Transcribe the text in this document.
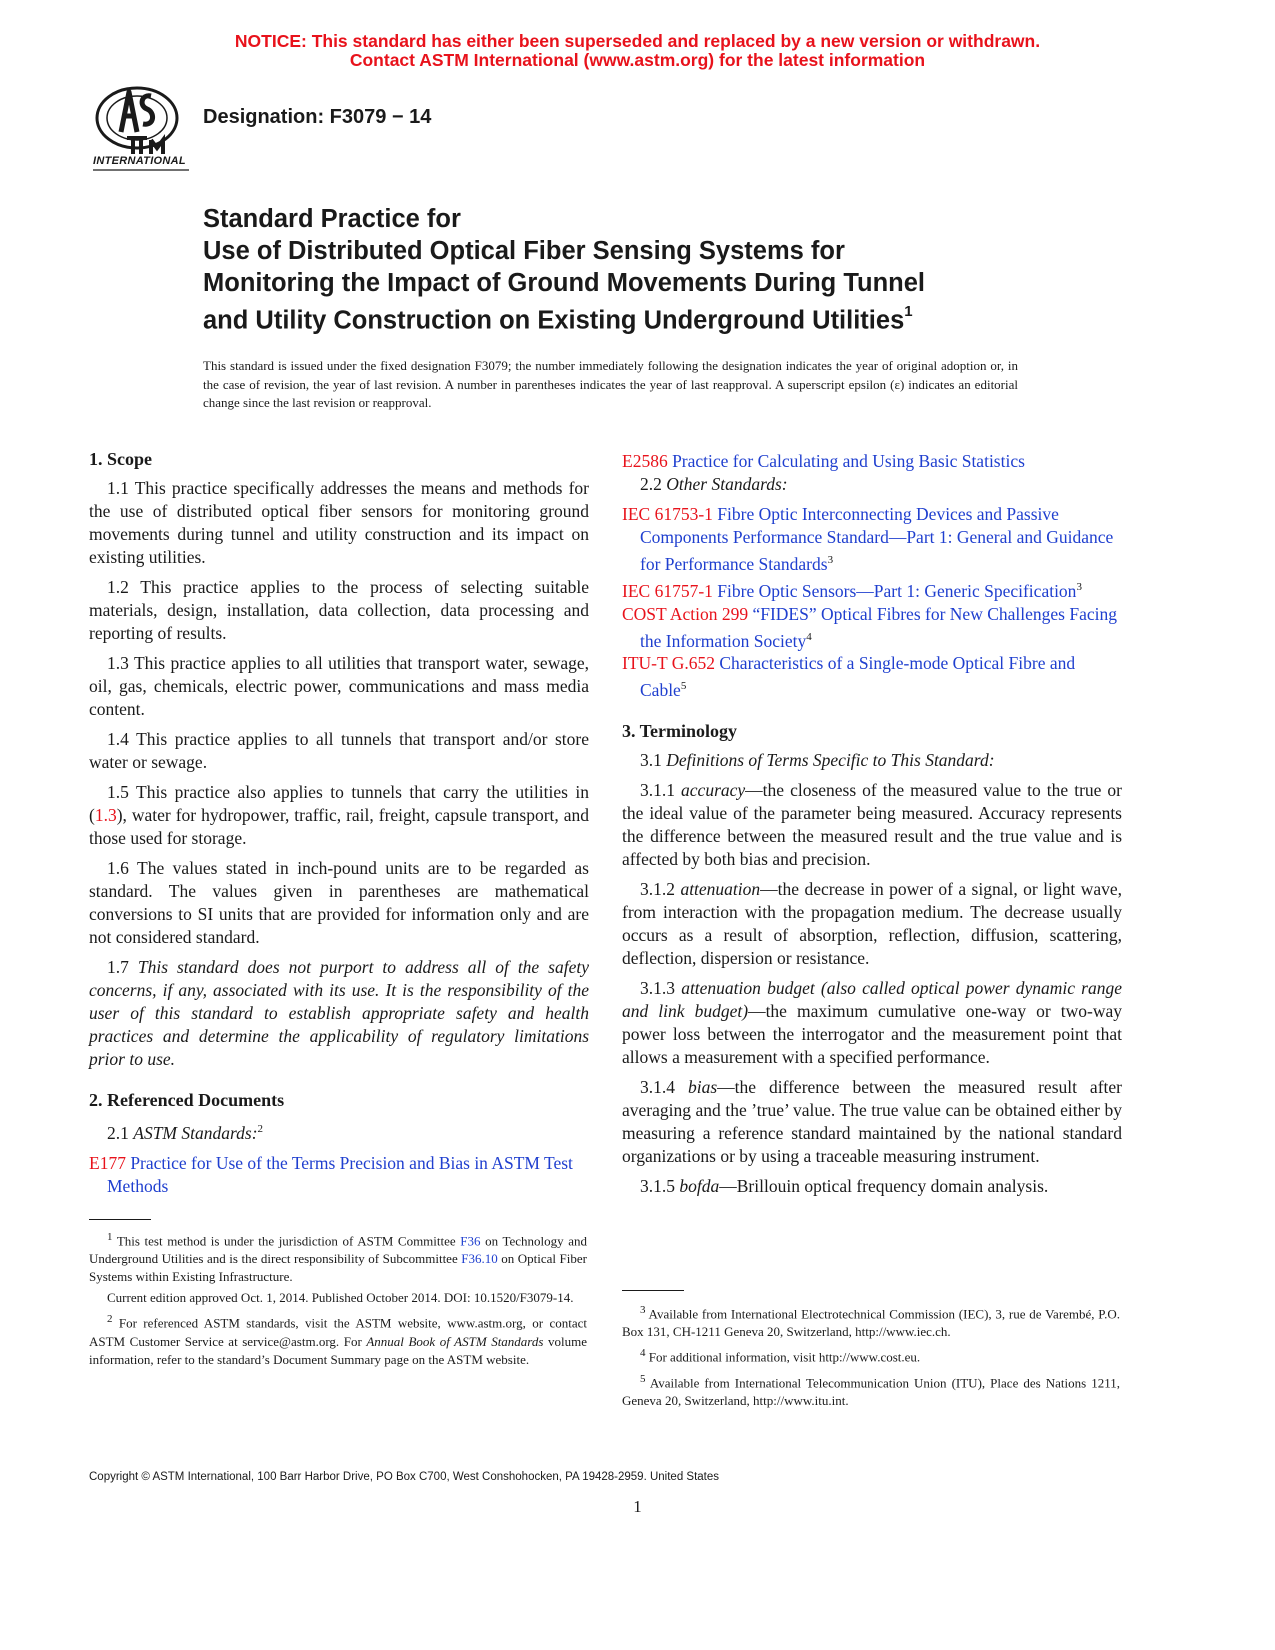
NOTICE: This standard has either been superseded and replaced by a new version or withdrawn.
Contact ASTM International (www.astm.org) for the latest information
INTERNATIONAL
Designation: F3079 − 14
Standard Practice for
Use of Distributed Optical Fiber Sensing Systems for
Monitoring the Impact of Ground Movements During Tunnel
and Utility Construction on Existing Underground Utilities$^1$
This standard is issued under the fixed designation F3079; the number immediately following the designation indicates the year of original adoption or, in the case of revision, the year of last revision. A number in parentheses indicates the year of last reapproval. A superscript epsilon (ε) indicates an editorial change since the last revision or reapproval.
1. Scope

1.1 This practice specifically addresses the means and methods for the use of distributed optical fiber sensors for monitoring ground movements during tunnel and utility construction and its impact on existing utilities.

1.2 This practice applies to the process of selecting suitable materials, design, installation, data collection, data processing and reporting of results.

1.3 This practice applies to all utilities that transport water, sewage, oil, gas, chemicals, electric power, communications and mass media content.

1.4 This practice applies to all tunnels that transport and/or store water or sewage.

1.5 This practice also applies to tunnels that carry the utilities in (1.3), water for hydropower, traffic, rail, freight, capsule transport, and those used for storage.

1.6 The values stated in inch-pound units are to be regarded as standard. The values given in parentheses are mathematical conversions to SI units that are provided for information only and are not considered standard.

1.7 This standard does not purport to address all of the safety concerns, if any, associated with its use. It is the responsibility of the user of this standard to establish appropriate safety and health practices and determine the applicability of regulatory limitations prior to use.

2. Referenced Documents

2.1 ASTM Standards:$^2$

E177 Practice for Use of the Terms Precision and Bias in ASTM Test Methods
E2586 Practice for Calculating and Using Basic Statistics

2.2 Other Standards:

IEC 61753-1 Fibre Optic Interconnecting Devices and Passive Components Performance Standard—Part 1: General and Guidance for Performance Standards$^3$
IEC 61757-1 Fibre Optic Sensors—Part 1: Generic Specification$^3$
COST Action 299 “FIDES” Optical Fibres for New Challenges Facing the Information Society$^4$
ITU-T G.652 Characteristics of a Single-mode Optical Fibre and Cable$^5$
3. Terminology

3.1 Definitions of Terms Specific to This Standard:

3.1.1 accuracy—the closeness of the measured value to the true or the ideal value of the parameter being measured. Accuracy represents the difference between the measured result and the true value and is affected by both bias and precision.

3.1.2 attenuation—the decrease in power of a signal, or light wave, from interaction with the propagation medium. The decrease usually occurs as a result of absorption, reflection, diffusion, scattering, deflection, dispersion or resistance.

3.1.3 attenuation budget (also called optical power dynamic range and link budget)—the maximum cumulative one-way or two-way power loss between the interrogator and the measurement point that allows a measurement with a specified performance.

3.1.4 bias—the difference between the measured result after averaging and the ’true’ value. The true value can be obtained either by measuring a reference standard maintained by the national standard organizations or by using a traceable measuring instrument.

3.1.5 bofda—Brillouin optical frequency domain analysis.

$^1$ This test method is under the jurisdiction of ASTM Committee F36 on Technology and Underground Utilities and is the direct responsibility of Subcommittee F36.10 on Optical Fiber Systems within Existing Infrastructure.

Current edition approved Oct. 1, 2014. Published October 2014. DOI: 10.1520/F3079-14.

$^2$ For referenced ASTM standards, visit the ASTM website, www.astm.org, or contact ASTM Customer Service at service@astm.org. For Annual Book of ASTM Standards volume information, refer to the standard’s Document Summary page on the ASTM website.

$^3$ Available from International Electrotechnical Commission (IEC), 3, rue de Varembé, P.O. Box 131, CH-1211 Geneva 20, Switzerland, http://www.iec.ch.

$^4$ For additional information, visit http://www.cost.eu.

$^5$ Available from International Telecommunication Union (ITU), Place des Nations 1211, Geneva 20, Switzerland, http://www.itu.int.

Copyright © ASTM International, 100 Barr Harbor Drive, PO Box C700, West Conshohocken, PA 19428-2959. United States
1
